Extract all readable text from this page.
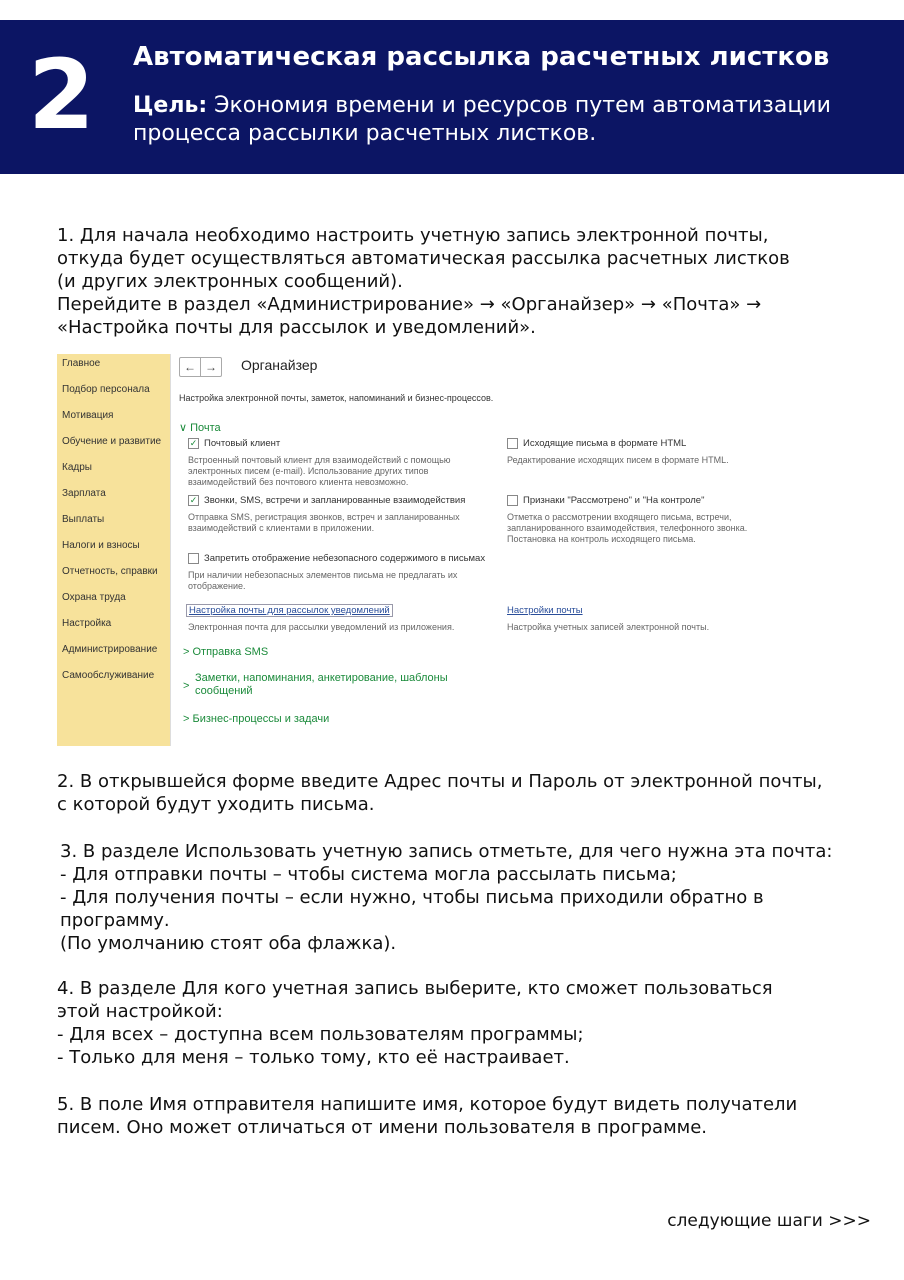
2 Автоматическая рассылка расчетных листков
Цель: Экономия времени и ресурсов путем автоматизации
процесса рассылки расчетных листков.
1. Для начала необходимо настроить учетную запись электронной почты,
откуда будет осуществляться автоматическая рассылка расчетных листков
(и других электронных сообщений).
Перейдите в раздел «Администрирование» → «Органайзер» → «Почта» →
«Настройка почты для рассылок и уведомлений».
Главное
Подбор персонала
Мотивация
Обучение и развитие
Кадры
Зарплата
Выплаты
Налоги и взносы
Отчетность, справки
Охрана труда
Настройка
Администрирование
Самообслуживание
← → Органайзер
Настройка электронной почты, заметок, напоминаний и бизнес-процессов.
∨ Почта
✓ Почтовый клиент
Встроенный почтовый клиент для взаимодействий с помощью
электронных писем (e-mail). Использование других типов
взаимодействий без почтового клиента невозможно.
Исходящие письма в формате HTML
Редактирование исходящих писем в формате HTML.
✓ Звонки, SMS, встречи и запланированные взаимодействия
Отправка SMS, регистрация звонков, встреч и запланированных
взаимодействий с клиентами в приложении.
Признаки "Рассмотрено" и "На контроле"
Отметка о рассмотрении входящего письма, встречи,
запланированного взаимодействия, телефонного звонка.
Постановка на контроль исходящего письма.
Запретить отображение небезопасного содержимого в письмах
При наличии небезопасных элементов письма не предлагать их
отображение.
Настройка почты для рассылок уведомлений
Электронная почта для рассылки уведомлений из приложения.
Настройки почты
Настройка учетных записей электронной почты.
> Отправка SMS
>
Заметки, напоминания, анкетирование, шаблоны
сообщений
> Бизнес-процессы и задачи
2. В открывшейся форме введите Адрес почты и Пароль от электронной почты,
с которой будут уходить письма.
3. В разделе Использовать учетную запись отметьте, для чего нужна эта почта:
- Для отправки почты – чтобы система могла рассылать письма;
- Для получения почты – если нужно, чтобы письма приходили обратно в
программу.
(По умолчанию стоят оба флажка).
4. В разделе Для кого учетная запись выберите, кто сможет пользоваться
этой настройкой:
- Для всех – доступна всем пользователям программы;
- Только для меня – только тому, кто её настраивает.
5. В поле Имя отправителя напишите имя, которое будут видеть получатели
писем. Оно может отличаться от имени пользователя в программе.
следующие шаги >>>
